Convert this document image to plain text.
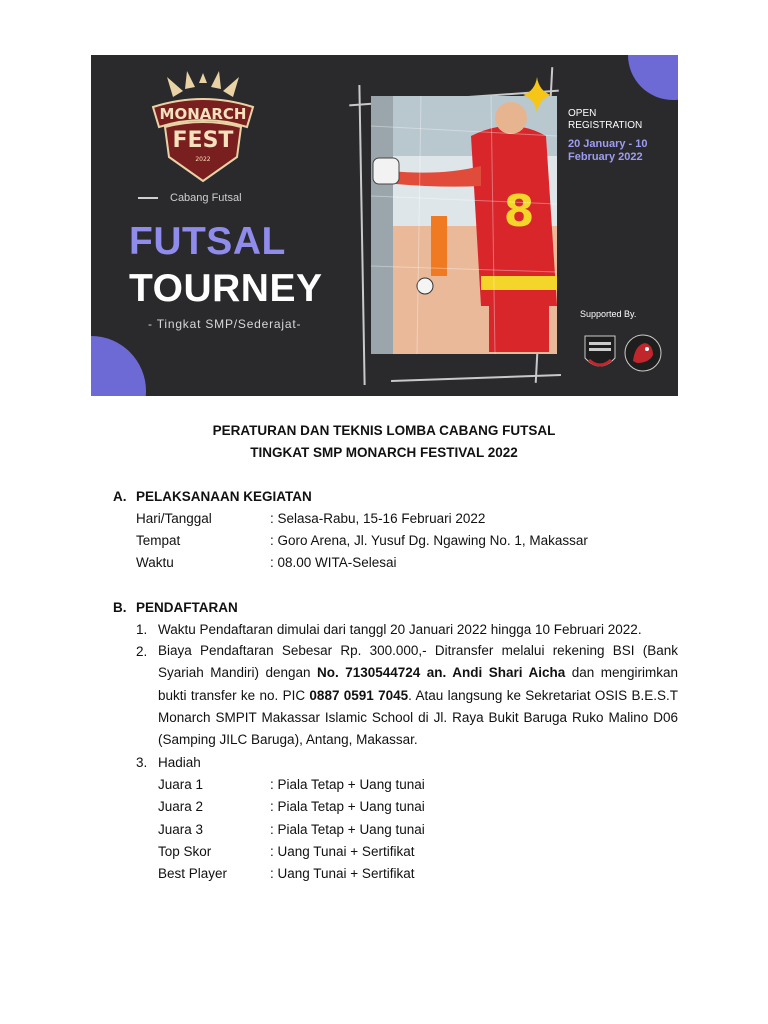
MONARCH
FEST
2022
Cabang Futsal
FUTSAL
TOURNEY
- Tingkat SMP/Sederajat-
8
OPEN
REGISTRATION
20 January - 10
February 2022
Supported By.
PERATURAN DAN TEKNIS LOMBA CABANG FUTSAL
TINGKAT SMP MONARCH FESTIVAL 2022
A. PELAKSANAAN KEGIATAN
Hari/Tanggal	: Selasa-Rabu, 15-16 Februari 2022
Tempat	: Goro Arena, Jl. Yusuf Dg. Ngawing No. 1, Makassar
Waktu	: 08.00 WITA-Selesai
B. PENDAFTARAN
1. Waktu Pendaftaran dimulai dari tanggl 20 Januari 2022 hingga 10 Februari 2022.
2. Biaya Pendaftaran Sebesar Rp. 300.000,- Ditransfer melalui rekening BSI (Bank Syariah Mandiri) dengan No. 7130544724 an. Andi Shari Aicha dan mengirimkan bukti transfer ke no. PIC 0887 0591 7045. Atau langsung ke Sekretariat OSIS B.E.S.T Monarch SMPIT Makassar Islamic School di Jl. Raya Bukit Baruga Ruko Malino D06 (Samping JILC Baruga), Antang, Makassar.
3. Hadiah
Juara 1	: Piala Tetap + Uang tunai
Juara 2	: Piala Tetap + Uang tunai
Juara 3	: Piala Tetap + Uang tunai
Top Skor	: Uang Tunai + Sertifikat
Best Player	: Uang Tunai + Sertifikat
